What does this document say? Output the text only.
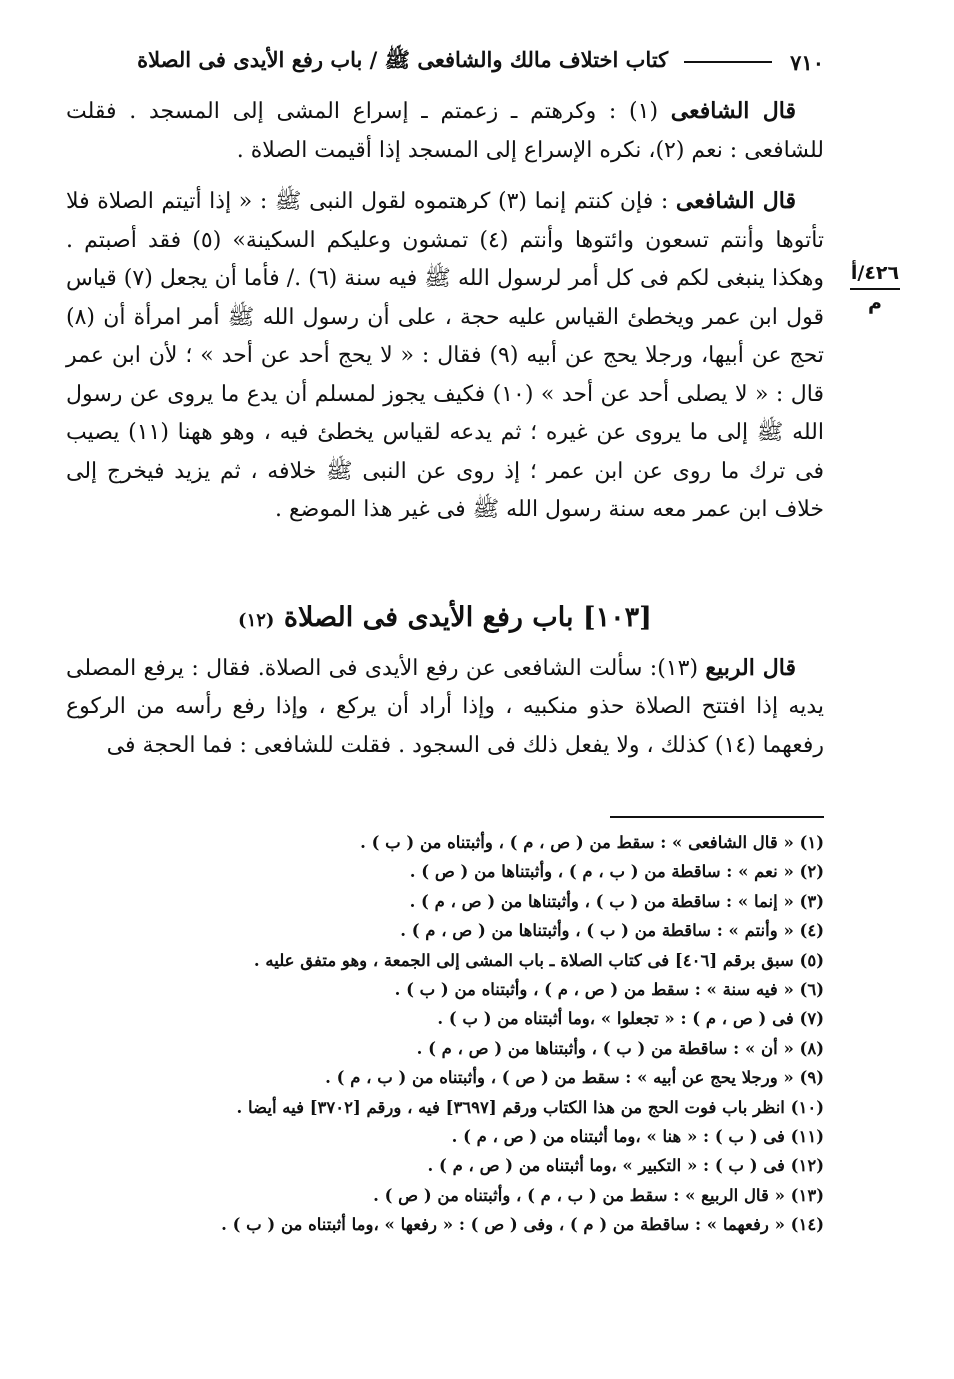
٧١٠
كتاب اختلاف مالك والشافعى ﷺ / باب رفع الأيدى فى الصلاة
٤٢٦/أ
م

قال الشافعى (١) : وكرهتم ـ زعمتم ـ إسراع المشى إلى المسجد . فقلت للشافعى : نعم (٢)، نكره الإسراع إلى المسجد إذا أقيمت الصلاة .

قال الشافعى : فإن كنتم إنما (٣) كرهتموه لقول النبى ﷺ : « إذا أتيتم الصلاة فلا تأتوها وأنتم تسعون وائتوها وأنتم (٤) تمشون وعليكم السكينة» (٥) فقد أصبتم . وهكذا ينبغى لكم فى كل أمر لرسول الله ﷺ فيه سنة (٦) ./ فأما أن يجعل (٧) قياس قول ابن عمر ويخطئ القياس عليه حجة ، على أن رسول الله ﷺ أمر امرأة أن (٨) تحج عن أبيها، ورجلا يحج عن أبيه (٩) فقال : « لا يحج أحد عن أحد » ؛ لأن ابن عمر قال : « لا يصلى أحد عن أحد » (١٠) فكيف يجوز لمسلم أن يدع ما يروى عن رسول الله ﷺ إلى ما يروى عن غيره ؛ ثم يدعه لقياس يخطئ فيه ، وهو ههنا (١١) يصيب فى ترك ما روى عن ابن عمر ؛ إذ روى عن النبى ﷺ خلافه ، ثم يزيد فيخرج إلى خلاف ابن عمر معه سنة رسول الله ﷺ فى غير هذا الموضع .

[١٠٣] باب رفع الأيدى فى الصلاة (١٢)

قال الربيع (١٣): سألت الشافعى عن رفع الأيدى فى الصلاة. فقال : يرفع المصلى يديه إذا افتتح الصلاة حذو منكبيه ، وإذا أراد أن يركع ، وإذا رفع رأسه من الركوع رفعهما (١٤) كذلك ، ولا يفعل ذلك فى السجود . فقلت للشافعى : فما الحجة فى

(١) « قال الشافعى » : سقط من ( ص ، م ) ، وأثبتناه من ( ب ) .

(٢) « نعم » : ساقطة من ( ب ، م ) ، وأثبتناها من ( ص ) .

(٣) « إنما » : ساقطة من ( ب ) ، وأثبتناها من ( ص ، م ) .

(٤) « وأنتم » : ساقطة من ( ب ) ، وأثبتناها من ( ص ، م ) .

(٥) سبق برقم [٤٠٦] فى كتاب الصلاة ـ باب المشى إلى الجمعة ، وهو متفق عليه .

(٦) « فيه سنة » : سقط من ( ص ، م ) ، وأثبتناه من ( ب ) .

(٧) فى ( ص ، م ) : « تجعلوا » ،وما أثبتناه من ( ب ) .

(٨) « أن » : ساقطة من ( ب ) ، وأثبتناها من ( ص ، م ) .

(٩) « ورجلا يحج عن أبيه » : سقط من ( ص ) ، وأثبتناه من ( ب ، م ) .

(١٠) انظر باب فوت الحج من هذا الكتاب ورقم [٣٦٩٧] فيه ، ورقم [٣٧٠٢] فيه أيضا .

(١١) فى ( ب ) : « هنا » ،وما أثبتناه من ( ص ، م ) .

(١٢) فى ( ب ) : « التكبير » ،وما أثبتناه من ( ص ، م ) .

(١٣) « قال الربيع » : سقط من ( ب ، م ) ، وأثبتناه من ( ص ) .

(١٤) « رفعهما » : ساقطة من ( م ) ، وفى ( ص ) : « رفعها » ،وما أثبتناه من ( ب ) .
